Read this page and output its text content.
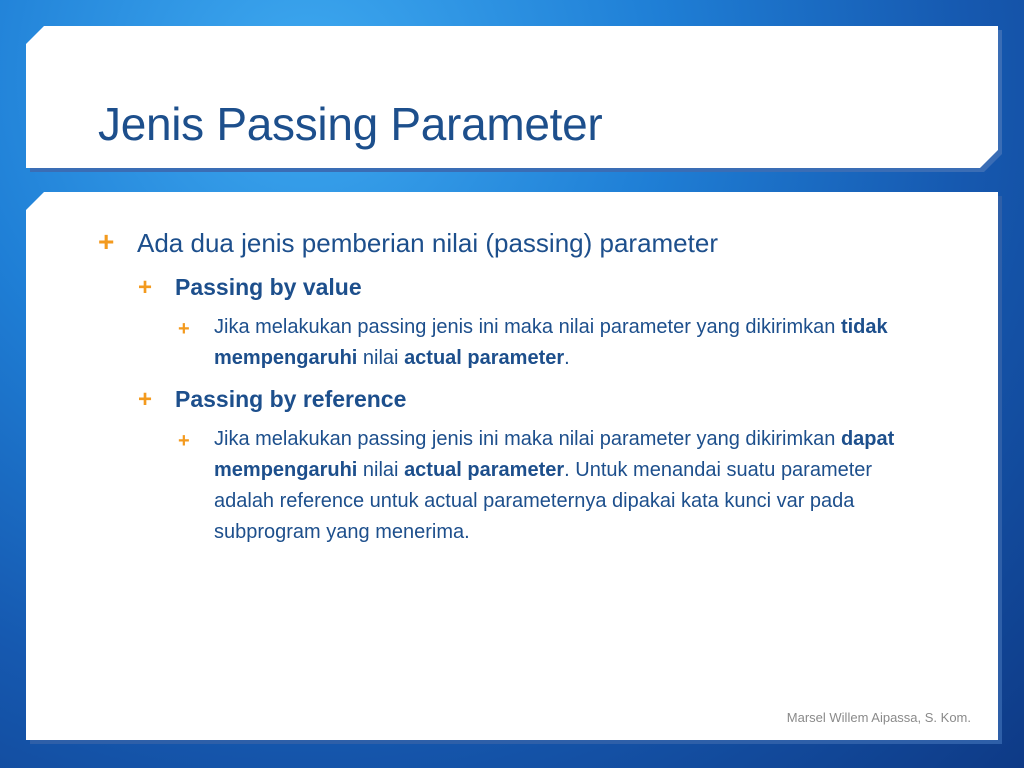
Jenis Passing Parameter
+ Ada dua jenis pemberian nilai (passing) parameter
+ Passing by value
+ Jika melakukan passing jenis ini maka nilai parameter yang dikirimkan tidak mempengaruhi nilai actual parameter.
+ Passing by reference
+ Jika melakukan passing jenis ini maka nilai parameter yang dikirimkan dapat mempengaruhi nilai actual parameter. Untuk menandai suatu parameter adalah reference untuk actual parameternya dipakai kata kunci var pada subprogram yang menerima.
Marsel Willem Aipassa, S. Kom.
